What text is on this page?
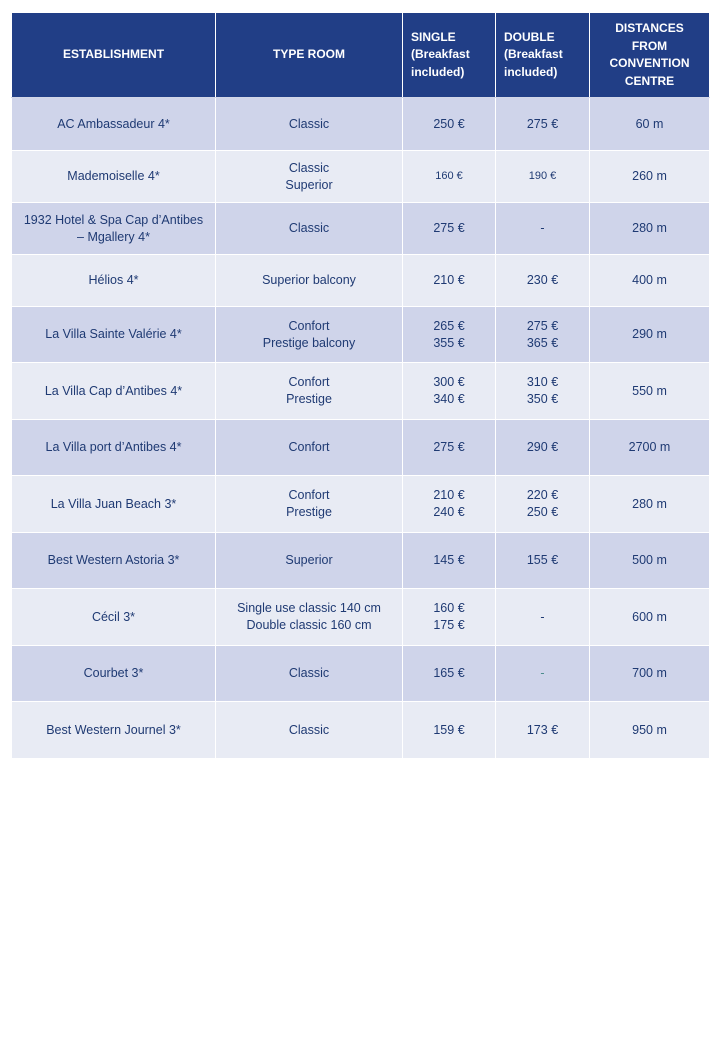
ESTABLISHMENT	TYPE ROOM	SINGLE
(Breakfast
included)	DOUBLE
(Breakfast
included)	DISTANCES
FROM
CONVENTION
CENTRE

AC Ambassadeur 4*	Classic	250 €	275 €	60 m

Mademoiselle 4*	Classic
Superior	160 €	190 €	260 m

1932 Hotel & Spa Cap d’Antibes
– Mgallery 4*	Classic	275 €	-	280 m

Hélios 4*	Superior balcony	210 €	230 €	400 m

La Villa Sainte Valérie 4*	Confort
Prestige balcony	265 €
355 €	275 €
365 €	290 m

La Villa Cap d’Antibes 4*	Confort
Prestige	300 €
340 €	310 €
350 €	550 m

La Villa port d’Antibes 4*	Confort	275 €	290 €	2700 m

La Villa Juan Beach 3*	Confort
Prestige	210 €
240 €	220 €
250 €	280 m

Best Western Astoria 3*	Superior	145 €	155 €	500 m

Cécil 3*	Single use classic 140 cm
Double classic 160 cm	160 €
175 €	-	600 m

Courbet 3*	Classic	165 €	-	700 m

Best Western Journel 3*	Classic	159 €	173 €	950 m
